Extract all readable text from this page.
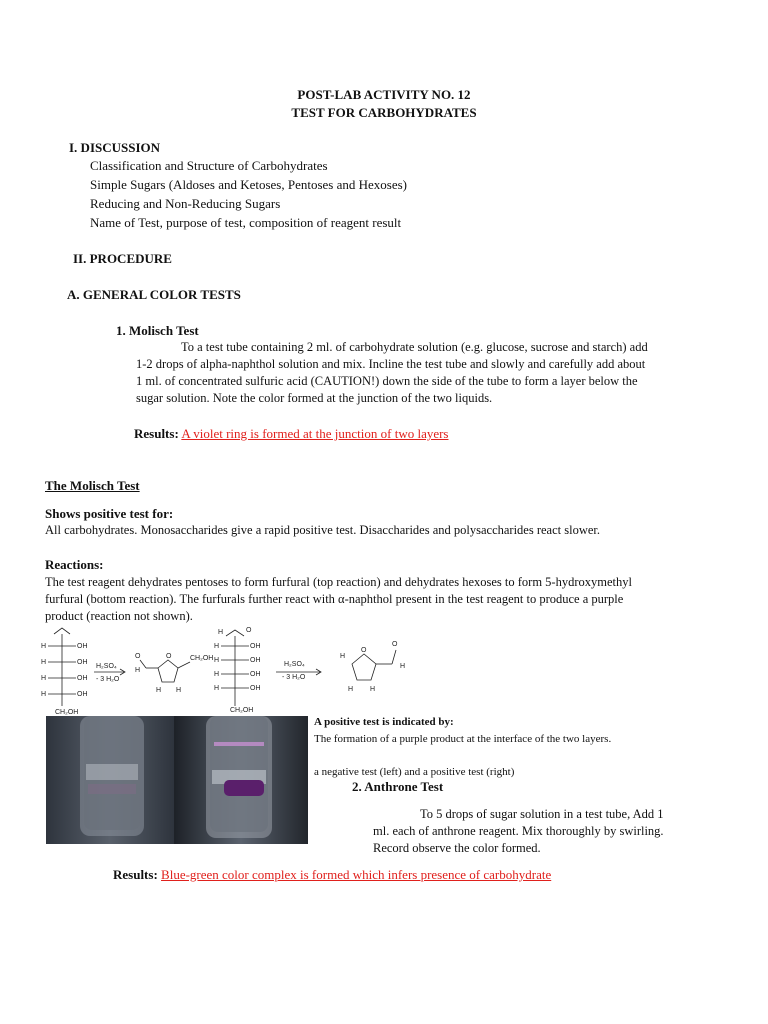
POST-LAB ACTIVITY NO. 12
TEST FOR CARBOHYDRATES
I. DISCUSSION
Classification and Structure of Carbohydrates
Simple Sugars (Aldoses and Ketoses, Pentoses and Hexoses)
Reducing and Non-Reducing Sugars
Name of Test, purpose of test, composition of reagent result
II. PROCEDURE
A. GENERAL COLOR TESTS
1. Molisch Test
To a test tube containing 2 ml. of carbohydrate solution (e.g. glucose, sucrose and starch) add
1-2 drops of alpha-naphthol solution and mix. Incline the test tube and slowly and carefully add about
1 ml. of concentrated sulfuric acid (CAUTION!) down the side of the tube to form a layer below the
sugar solution. Note the color formed at the junction of the two liquids.
Results: A violet ring is formed at the junction of two layers
The Molisch Test
Shows positive test for:
All carbohydrates. Monosaccharides give a rapid positive test. Disaccharides and polysaccharides react slower.
Reactions:
The test reagent dehydrates pentoses to form furfural (top reaction) and dehydrates hexoses to form 5-hydroxymethyl
furfural (bottom reaction). The furfurals further react with α-naphthol present in the test reagent to produce a purple
product (reaction not shown).
H	OH
H	OH
H	OH
H	OH
CH₂OH
H₂SO₄
- 3 H₂O
O	O
H H
H
CH₂OH
H	O
H	OH
H	OH
H	OH
H	OH
CH₂OH
H₂SO₄
- 3 H₂O
H
O
H H
O
H
A positive test is indicated by:
The formation of a purple product at the interface of the two layers.
a negative test (left) and a positive test (right)
2. Anthrone Test
To 5 drops of sugar solution in a test tube, Add 1
ml. each of anthrone reagent. Mix thoroughly by swirling.
Record observe the color formed.
Results: Blue-green color complex is formed which infers presence of carbohydrate
